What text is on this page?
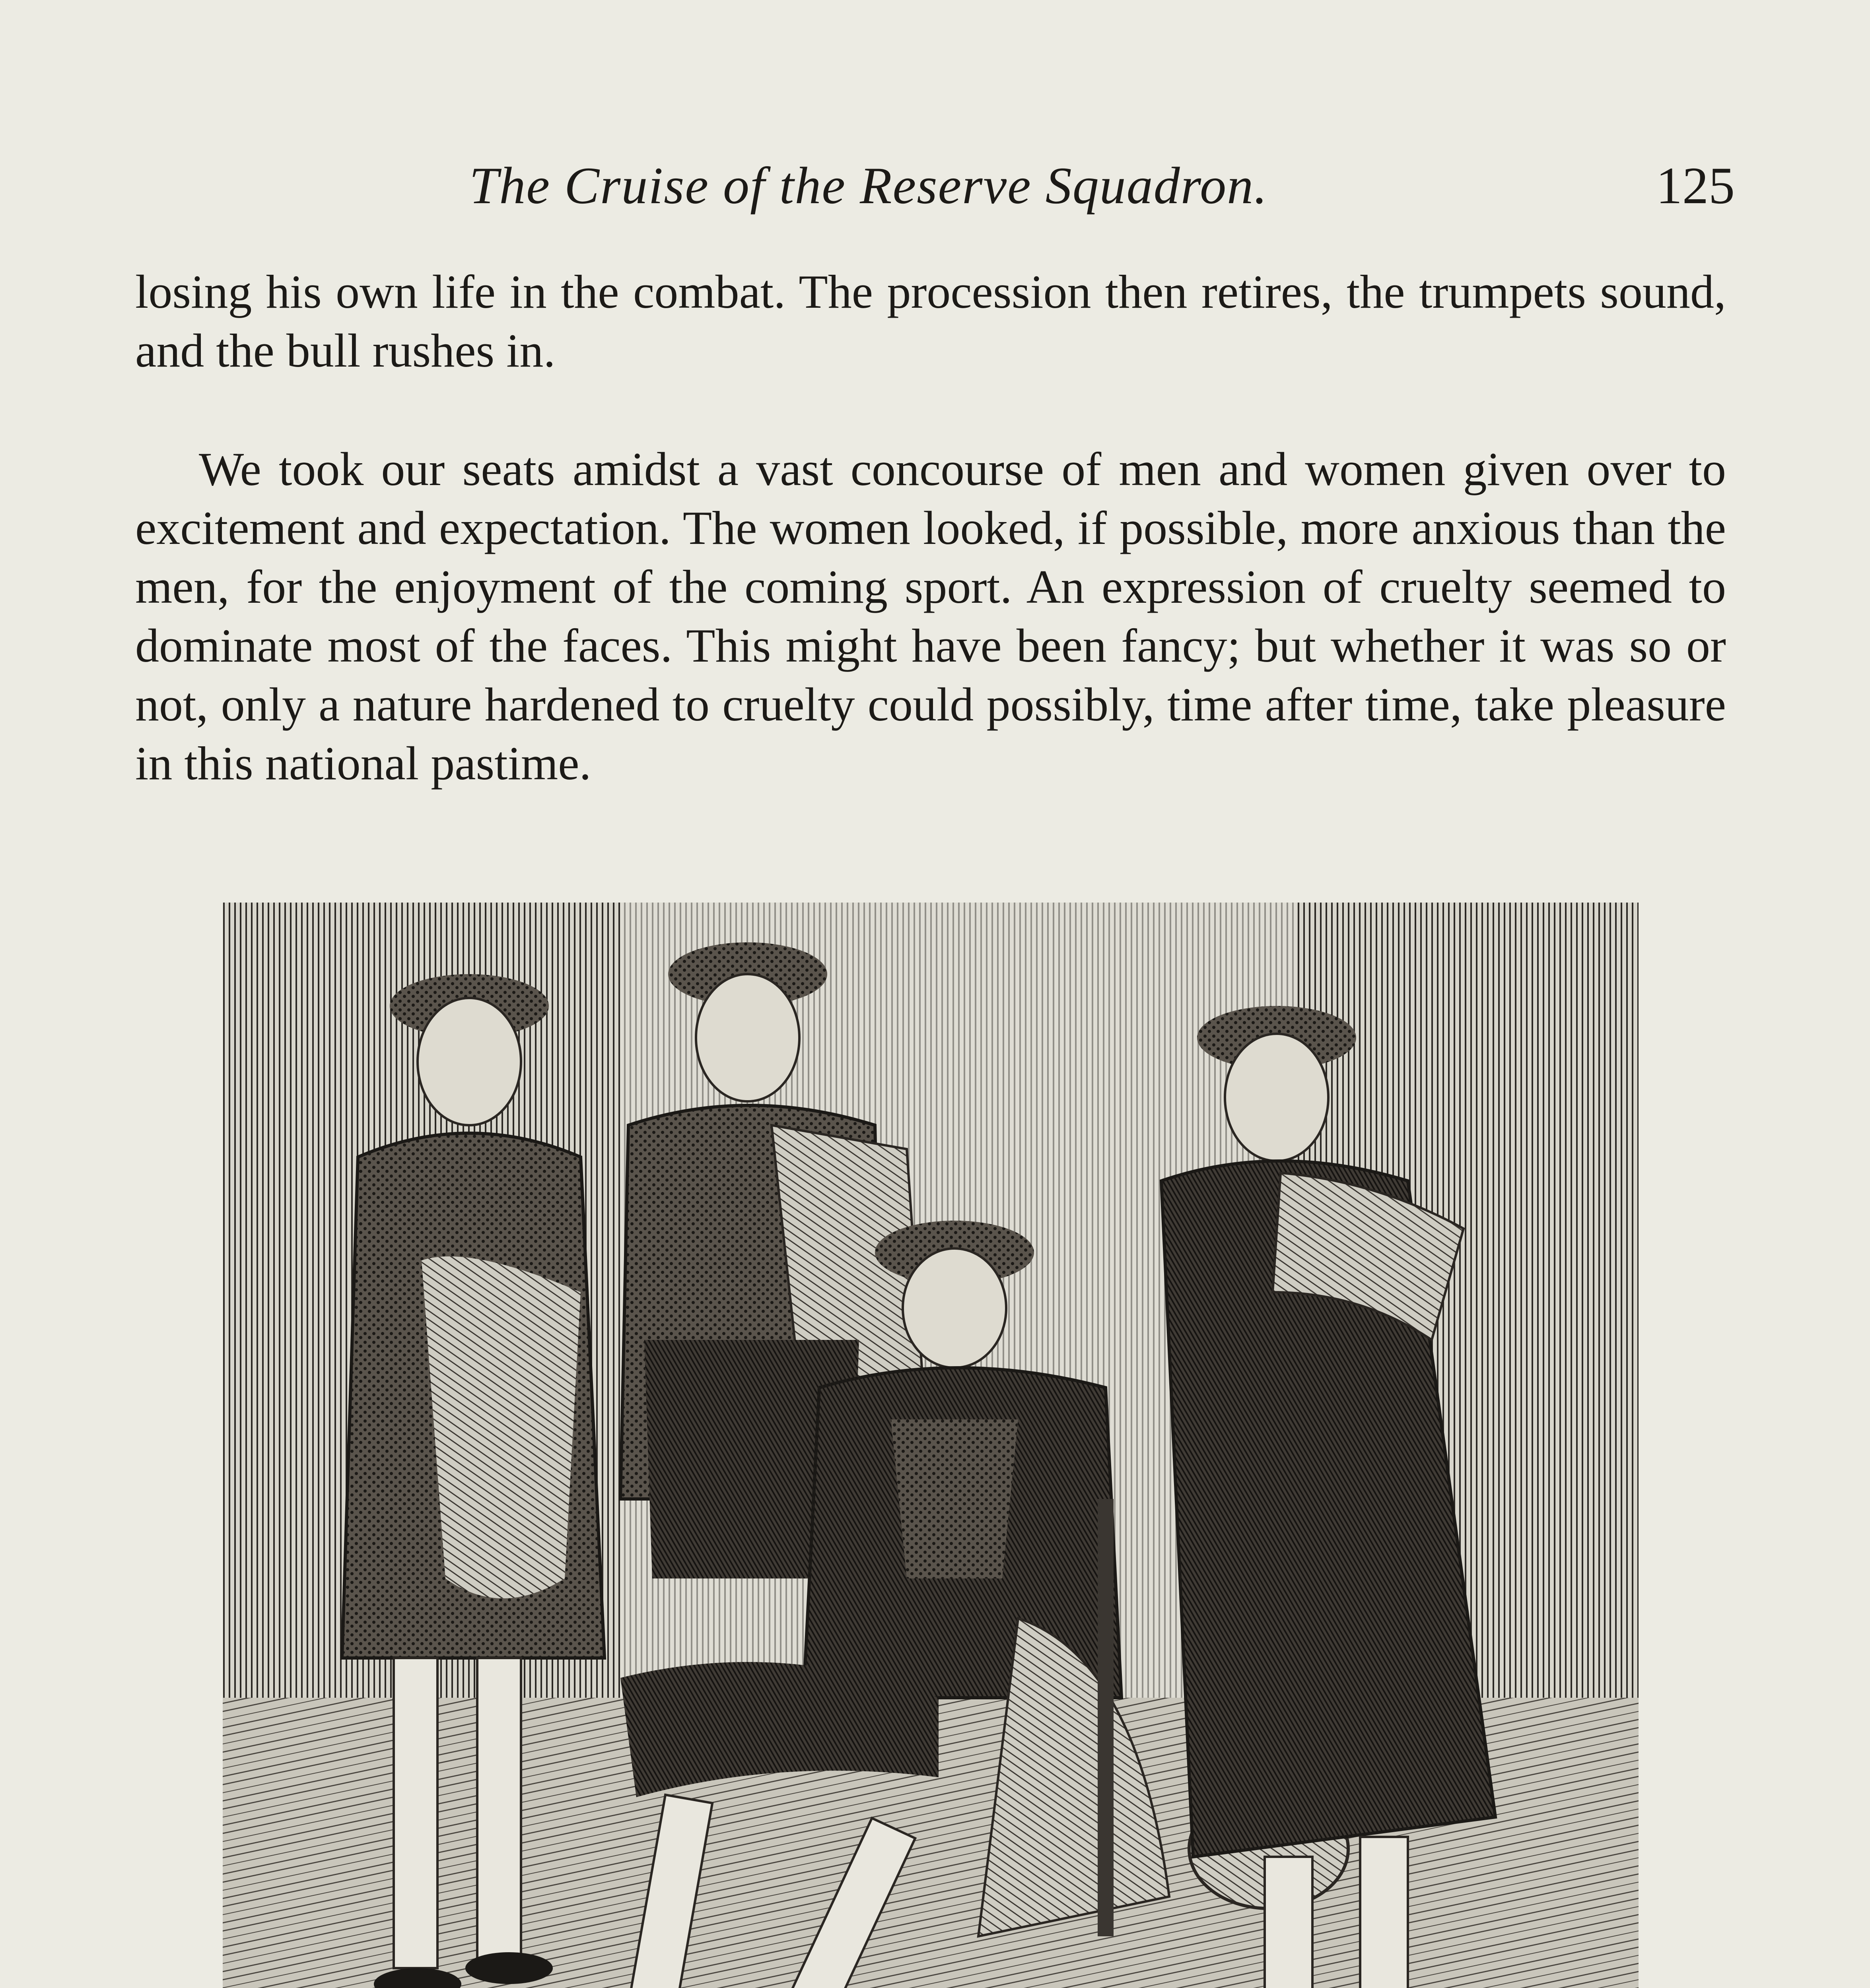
The Cruise of the Reserve Squadron.	125

losing his own life in the combat. The procession then retires, the trumpets sound, and the bull rushes in.

We took our seats amidst a vast concourse of men and women given over to excitement and expectation. The women looked, if possible, more anxious than the men, for the enjoyment of the coming sport. An expression of cruelty seemed to dominate most of the faces. This might have been fancy; but whether it was so or not, only a nature hardened to cruelty could possibly, time after time, take pleasure in this national pastime.
